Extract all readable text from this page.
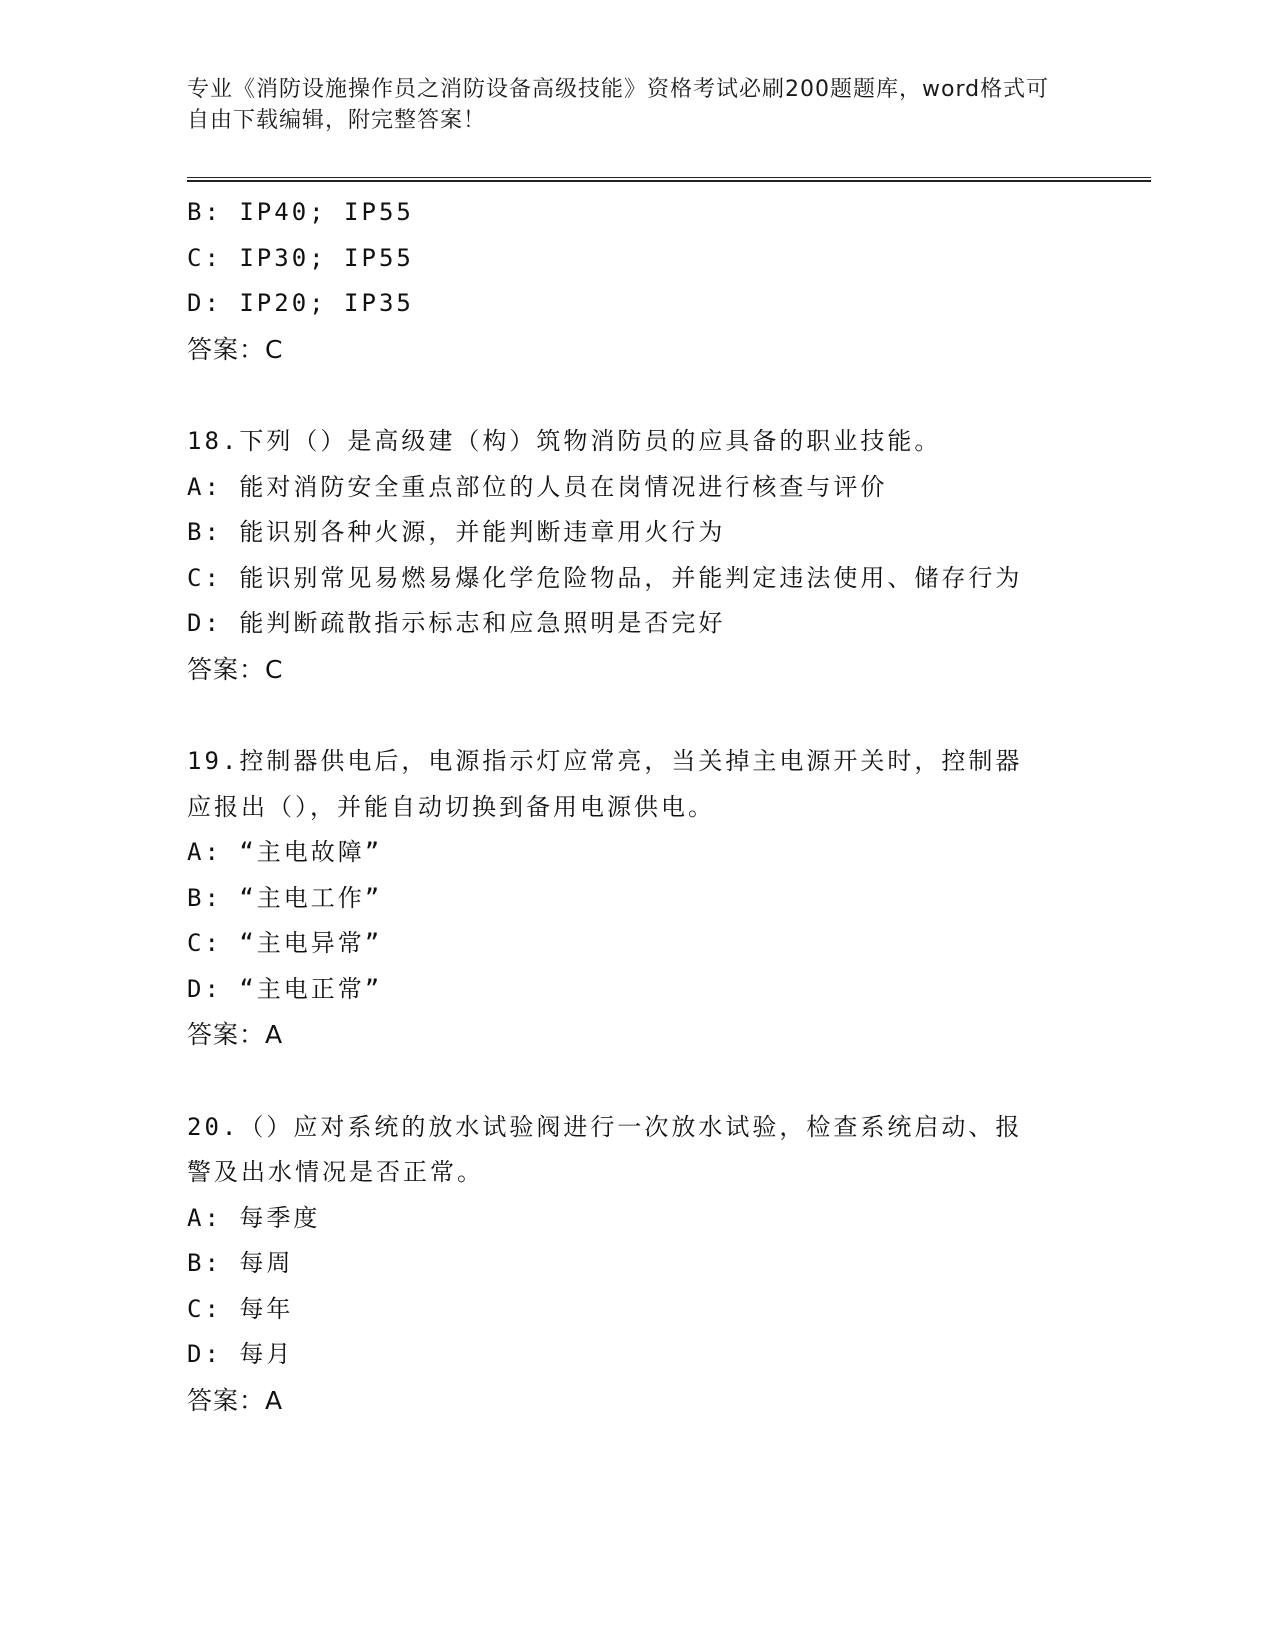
专业《消防设施操作员之消防设备高级技能》资格考试必刷200题题库，word格式可自由下载编辑，附完整答案！
B: IP40; IP55
C: IP30; IP55
D: IP20; IP35
答案：C
18.下列（）是高级建（构）筑物消防员的应具备的职业技能。
A: 能对消防安全重点部位的人员在岗情况进行核查与评价
B: 能识别各种火源，并能判断违章用火行为
C: 能识别常见易燃易爆化学危险物品，并能判定违法使用、储存行为
D: 能判断疏散指示标志和应急照明是否完好
答案：C
19.控制器供电后，电源指示灯应常亮，当关掉主电源开关时，控制器
应报出（），并能自动切换到备用电源供电。
A: “主电故障”
B: “主电工作”
C: “主电异常”
D: “主电正常”
答案：A
20.（）应对系统的放水试验阀进行一次放水试验，检查系统启动、报
警及出水情况是否正常。
A: 每季度
B: 每周
C: 每年
D: 每月
答案：A
